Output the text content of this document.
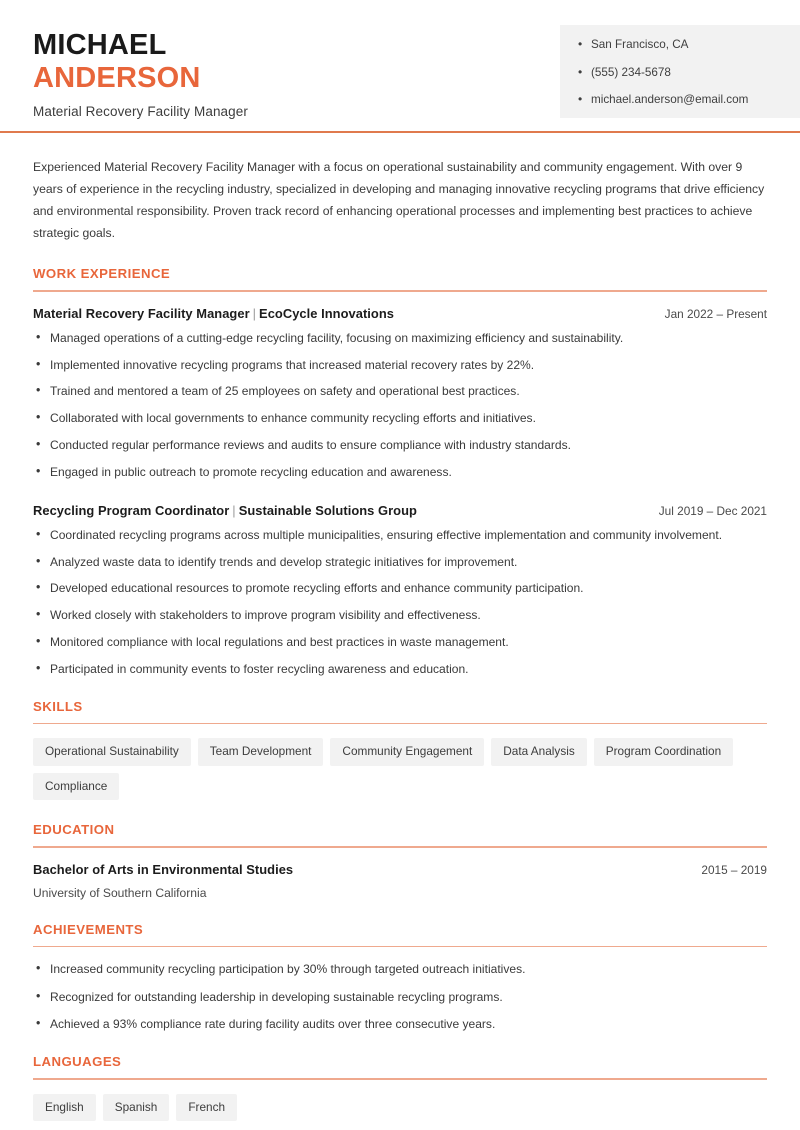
MICHAEL
ANDERSON
Material Recovery Facility Manager
• San Francisco, CA
• (555) 234-5678
• michael.anderson@email.com
Experienced Material Recovery Facility Manager with a focus on operational sustainability and community engagement. With over 9 years of experience in the recycling industry, specialized in developing and managing innovative recycling programs that drive efficiency and environmental responsibility. Proven track record of enhancing operational processes and implementing best practices to achieve strategic goals.
WORK EXPERIENCE
Material Recovery Facility Manager | EcoCycle Innovations	Jan 2022 – Present
• Managed operations of a cutting-edge recycling facility, focusing on maximizing efficiency and sustainability.
• Implemented innovative recycling programs that increased material recovery rates by 22%.
• Trained and mentored a team of 25 employees on safety and operational best practices.
• Collaborated with local governments to enhance community recycling efforts and initiatives.
• Conducted regular performance reviews and audits to ensure compliance with industry standards.
• Engaged in public outreach to promote recycling education and awareness.
Recycling Program Coordinator | Sustainable Solutions Group	Jul 2019 – Dec 2021
• Coordinated recycling programs across multiple municipalities, ensuring effective implementation and community involvement.
• Analyzed waste data to identify trends and develop strategic initiatives for improvement.
• Developed educational resources to promote recycling efforts and enhance community participation.
• Worked closely with stakeholders to improve program visibility and effectiveness.
• Monitored compliance with local regulations and best practices in waste management.
• Participated in community events to foster recycling awareness and education.
SKILLS
Operational Sustainability	Team Development	Community Engagement	Data Analysis	Program Coordination
Compliance
EDUCATION
Bachelor of Arts in Environmental Studies	2015 – 2019
University of Southern California
ACHIEVEMENTS
• Increased community recycling participation by 30% through targeted outreach initiatives.
• Recognized for outstanding leadership in developing sustainable recycling programs.
• Achieved a 93% compliance rate during facility audits over three consecutive years.
LANGUAGES
English	Spanish	French
